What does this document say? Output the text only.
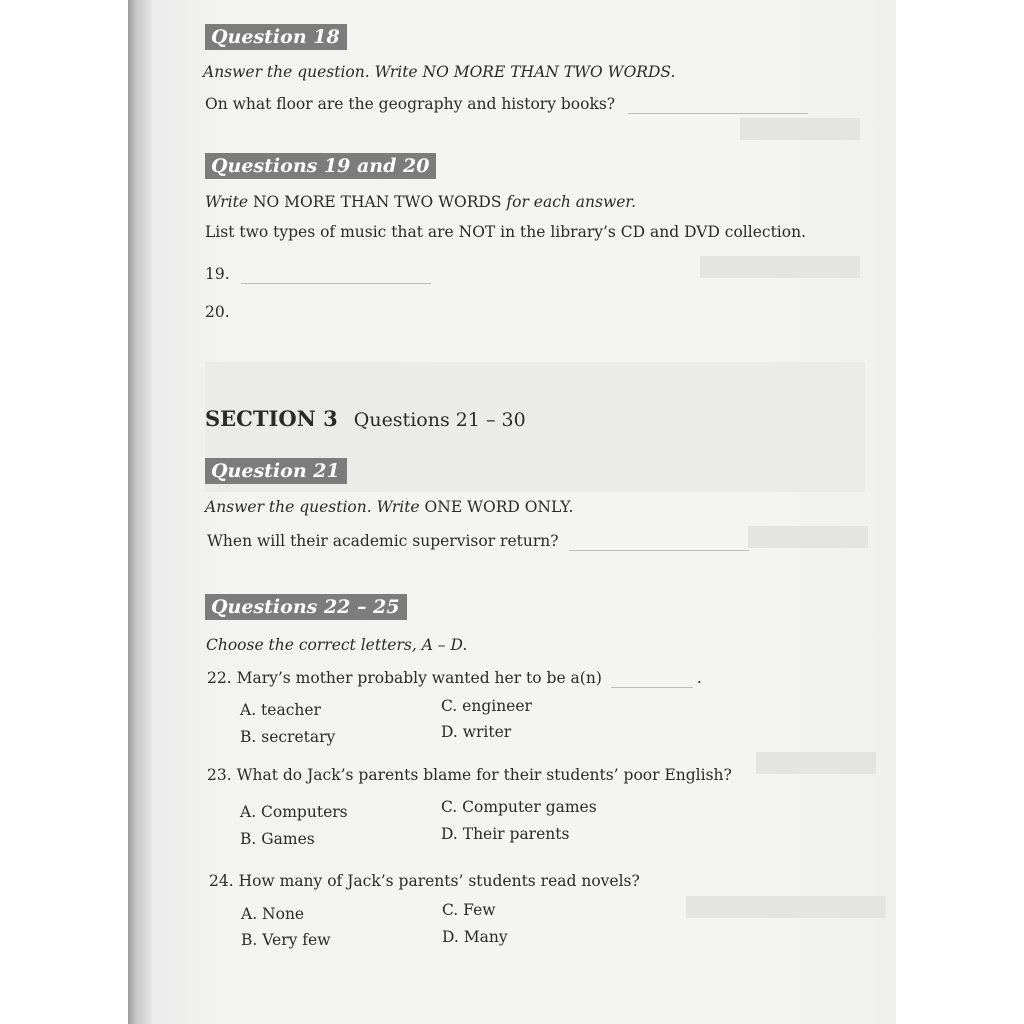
Question 18
Answer the question. Write NO MORE THAN TWO WORDS.
On what floor are the geography and history books?
Questions 19 and 20
Write NO MORE THAN TWO WORDS for each answer.
List two types of music that are NOT in the library’s CD and DVD collection.
19.
20.
SECTION 3 Questions 21 – 30
Question 21
Answer the question. Write ONE WORD ONLY.
When will their academic supervisor return?
Questions 22 – 25
Choose the correct letters, A – D.
22. Mary’s mother probably wanted her to be a(n)	.
A. teacher
B. secretary
C. engineer
D. writer
23. What do Jack’s parents blame for their students’ poor English?
A. Computers
B. Games
C. Computer games
D. Their parents
24. How many of Jack’s parents’ students read novels?
A. None
B. Very few
C. Few
D. Many
